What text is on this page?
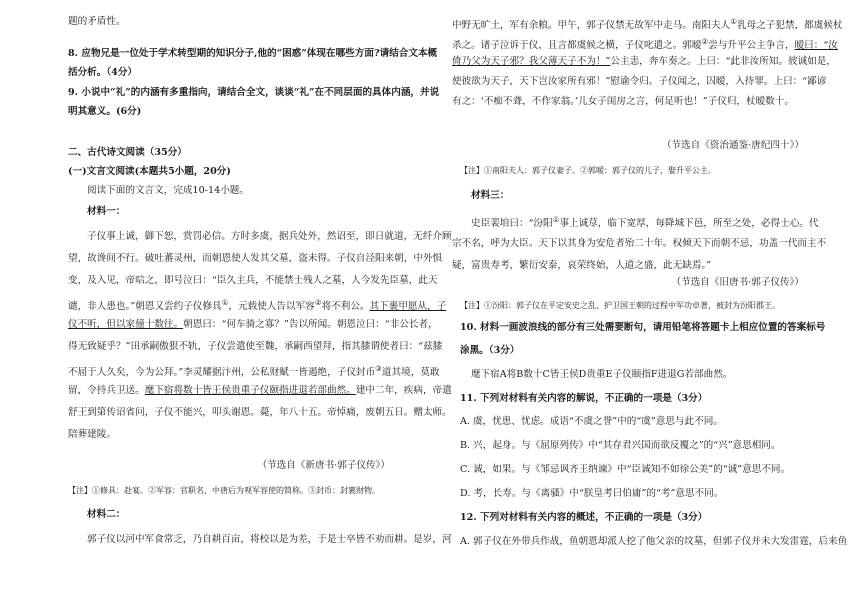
题的矛盾性。
8. 应物兄是一位处于学术转型期的知识分子,他的“困惑”体现在哪些方面?请结合文本概
括分析。（4分）
9. 小说中“礼”的内涵有多重指向，请结合全文，谈谈“礼”在不同层面的具体内涵，并说
明其意义。(6分)
二、古代诗文阅读（35分）
(一)文言文阅读(本题共5小题，20分)
阅读下面的文言文，完成10-14小题。
材料一：
子仪事上诚，御下恕，赏罚必信。方时多虞，据兵处外，然诏至，即日就道，无纤介顾
望，故谗间不行。破吐蕃灵州，而朝恩使人发其父墓，盗未得。子仪自泾阳来朝，中外惧
变，及入见，帝唁之，即号泣曰：“臣久主兵，不能禁士残人之墓，人今发先臣墓，此天
谴，非人患也。”朝恩又尝约子仪修具①，元载使人告以军容②将不利公。其下裹甲愿从，子
仪不听，但以家僮十数往。朝恩曰：“何车骑之寡？”告以所闻。朝恩泣曰：“非公长者，
得无致疑乎？”田承嗣傲狠不轨，子仪尝遣使至魏，承嗣西望拜，指其膝谓使者曰：“兹膝
不屈于人久矣，今为公拜。”李灵耀据汴州，公私财赋一皆遏绝，子仪封币③道其境，莫敢
留，令持兵卫送。麾下宿将数十皆王侯贵重子仪颐指进退若部曲然。建中二年，疾病，帝遣
舒王到第传诏省问，子仪不能兴，叩头谢恩。薨，年八十五。帝悼痛，废朝五日。赠太师。
陪葬建陵。
（节选自《新唐书·郭子仪传》）
【注】①修具：赴宴。②军容：官职名，中唐后为观军容使的简称。③封币：封裹财物。
材料二：
郭子仪以河中军食常乏，乃自耕百亩，将校以是为差，于是士卒皆不劝而耕。是岁，河
中野无旷土，军有余粮。甲午，郭子仪禁无故军中走马。南阳夫人①乳母之子犯禁，都虞候杖
杀之。诸子泣诉于仪，且言都虞候之横，子仪叱遣之。郭暧②尝与升平公主争言，暧曰：“汝
倚乃父为天子邪？我父薄天子不为！”公主恚，奔车奏之。上曰：“此非汝所知。彼诚如是，
使彼欲为天子，天下岂汝家所有邪！”慰谕令归。子仪闻之，囚暧，入待罪。上曰：“鄙谚
有之：‘不痴不聋，不作家翁。’儿女子闺房之言，何足听也！”子仪归，杖暧数十。
（节选自《资治通鉴·唐纪四十》）
【注】①南阳夫人：郭子仪妻子。②郭暧：郭子仪的儿子，娶升平公主。
材料三：
史臣裴垍曰：“汾阳①事上诚荩，临下宽厚，每降城下邑，所至之处，必得士心。代
宗不名，呼为大臣。天下以其身为安危者殆二十年。权倾天下而朝不忌，功盖一代而主不
疑，富贵寿考，繁衍安泰，哀荣终始，人道之盛，此无缺焉。”
（节选自《旧唐书·郭子仪传》）
【注】①汾阳：郭子仪在平定安史之乱、护卫国王朝的过程中军功卓著，被封为汾阳郡王。
10. 材料一画波浪线的部分有三处需要断句，请用铅笔将答题卡上相应位置的答案标号
涂黑。（3分）
麾下宿A将B数十C皆王侯D贵重E子仪颐指F进退G若部曲然。
11. 下列对材料有关内容的解说，不正确的一项是（3分）
A. 虞，忧患、忧虑。成语“不虞之誉”中的“虞”意思与此不同。
B. 兴，起身。与《屈原列传》中“其存君兴国而欲反覆之”的“兴”意思相同。
C. 诚，如果。与《邹忌讽齐王纳谏》中“臣诚知不如徐公美”的“诚”意思不同。
D. 考，长寿。与《离骚》中“朕皇考曰伯庸”的“考”意思不同。
12. 下列对材料有关内容的概述，不正确的一项是（3分）
A. 郭子仪在外带兵作战，鱼朝恩却派人挖了他父亲的坟墓，但郭子仪并未大发雷霆，后来鱼
